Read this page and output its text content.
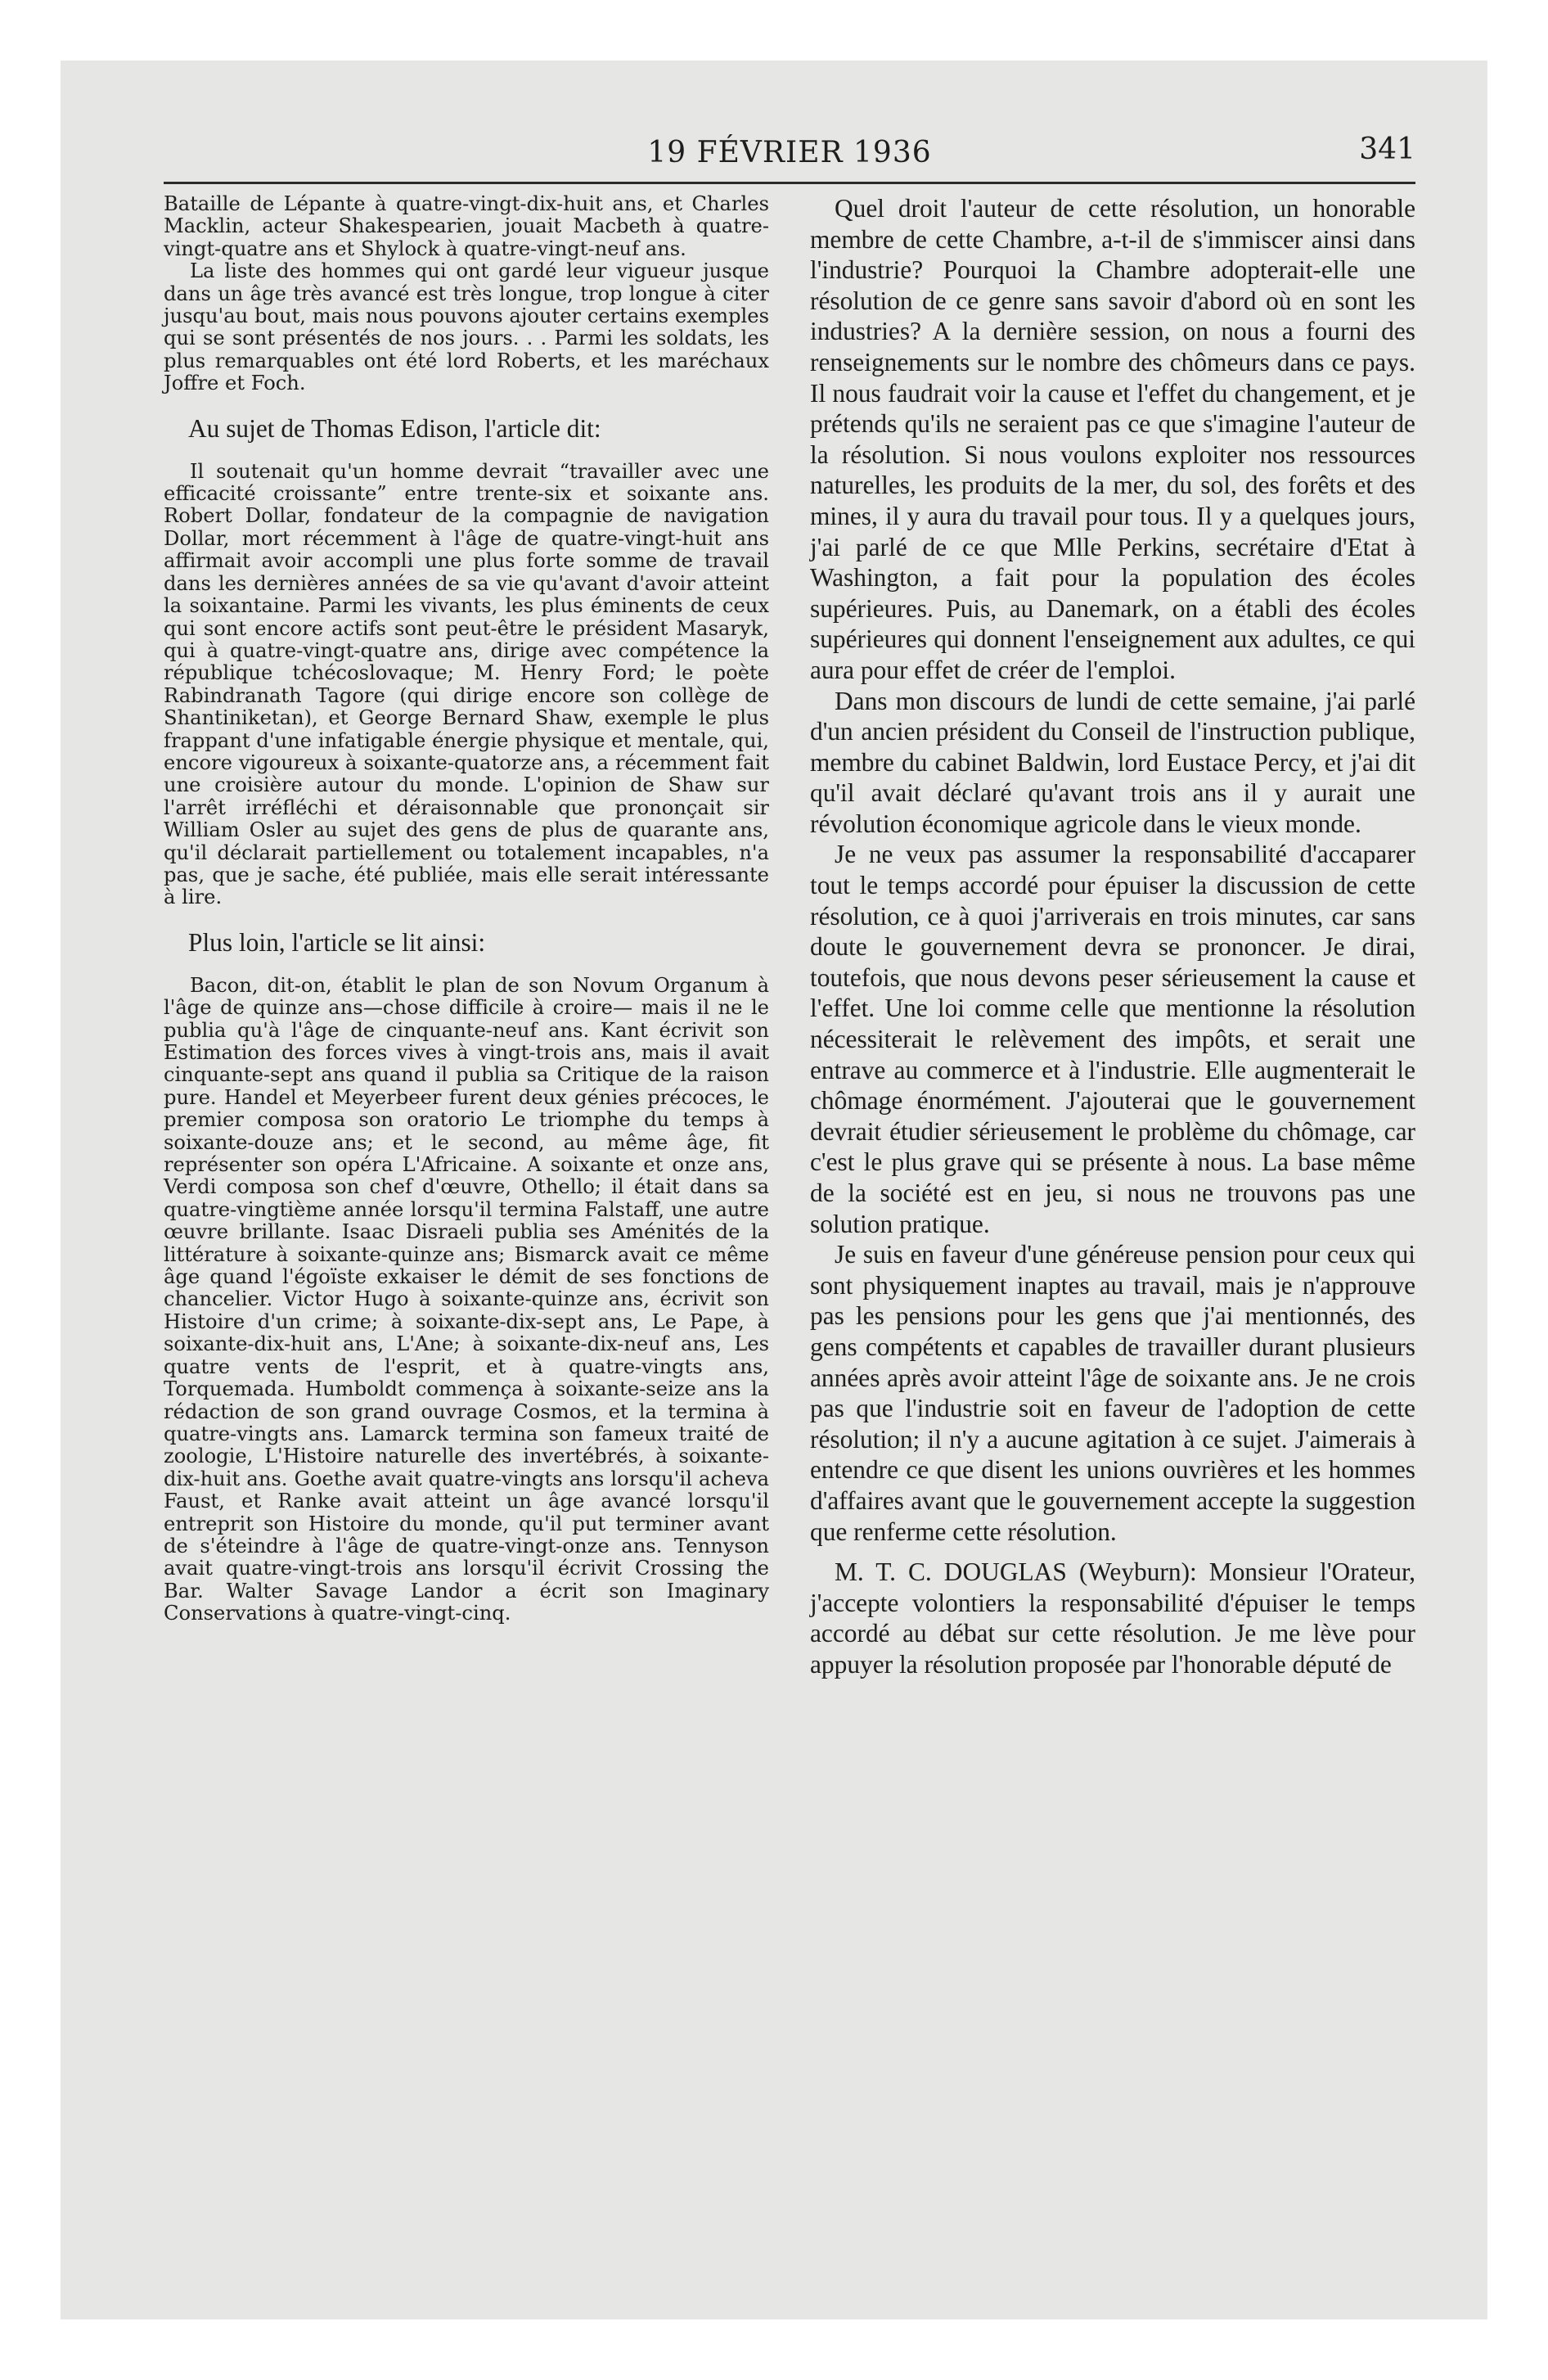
19 FÉVRIER 1936	341

Bataille de Lépante à quatre-vingt-dix-huit ans, et Charles Macklin, acteur Shakespearien, jouait Macbeth à quatre-vingt-quatre ans et Shylock à quatre-vingt-neuf ans.

La liste des hommes qui ont gardé leur vigueur jusque dans un âge très avancé est très longue, trop longue à citer jusqu'au bout, mais nous pouvons ajouter certains exemples qui se sont présentés de nos jours. . . Parmi les soldats, les plus remarquables ont été lord Roberts, et les maréchaux Joffre et Foch.

Au sujet de Thomas Edison, l'article dit:

Il soutenait qu'un homme devrait “travailler avec une efficacité croissante” entre trente-six et soixante ans. Robert Dollar, fondateur de la compagnie de navigation Dollar, mort récemment à l'âge de quatre-vingt-huit ans affirmait avoir accompli une plus forte somme de travail dans les dernières années de sa vie qu'avant d'avoir atteint la soixantaine. Parmi les vivants, les plus éminents de ceux qui sont encore actifs sont peut-être le président Masaryk, qui à quatre-vingt-quatre ans, dirige avec compétence la république tchécoslovaque; M. Henry Ford; le poète Rabindranath Tagore (qui dirige encore son collège de Shantiniketan), et George Bernard Shaw, exemple le plus frappant d'une infatigable énergie physique et mentale, qui, encore vigoureux à soixante-quatorze ans, a récemment fait une croisière autour du monde. L'opinion de Shaw sur l'arrêt irréfléchi et déraisonnable que prononçait sir William Osler au sujet des gens de plus de quarante ans, qu'il déclarait partiellement ou totalement incapables, n'a pas, que je sache, été publiée, mais elle serait intéressante à lire.

Plus loin, l'article se lit ainsi:

Bacon, dit-on, établit le plan de son Novum Organum à l'âge de quinze ans—chose difficile à croire— mais il ne le publia qu'à l'âge de cinquante-neuf ans. Kant écrivit son Estimation des forces vives à vingt-trois ans, mais il avait cinquante-sept ans quand il publia sa Critique de la raison pure. Handel et Meyerbeer furent deux génies précoces, le premier composa son oratorio Le triomphe du temps à soixante-douze ans; et le second, au même âge, fit représenter son opéra L'Africaine. A soixante et onze ans, Verdi composa son chef d'œuvre, Othello; il était dans sa quatre-vingtième année lorsqu'il termina Falstaff, une autre œuvre brillante. Isaac Disraeli publia ses Aménités de la littérature à soixante-quinze ans; Bismarck avait ce même âge quand l'égoïste exkaiser le démit de ses fonctions de chancelier. Victor Hugo à soixante-quinze ans, écrivit son Histoire d'un crime; à soixante-dix-sept ans, Le Pape, à soixante-dix-huit ans, L'Ane; à soixante-dix-neuf ans, Les quatre vents de l'esprit, et à quatre-vingts ans, Torquemada. Humboldt commença à soixante-seize ans la rédaction de son grand ouvrage Cosmos, et la termina à quatre-vingts ans. Lamarck termina son fameux traité de zoologie, L'Histoire naturelle des invertébrés, à soixante-dix-huit ans. Goethe avait quatre-vingts ans lorsqu'il acheva Faust, et Ranke avait atteint un âge avancé lorsqu'il entreprit son Histoire du monde, qu'il put terminer avant de s'éteindre à l'âge de quatre-vingt-onze ans. Tennyson avait quatre-vingt-trois ans lorsqu'il écrivit Crossing the Bar. Walter Savage Landor a écrit son Imaginary Conservations à quatre-vingt-cinq.

Quel droit l'auteur de cette résolution, un honorable membre de cette Chambre, a-t-il de s'immiscer ainsi dans l'industrie? Pourquoi la Chambre adopterait-elle une résolution de ce genre sans savoir d'abord où en sont les industries? A la dernière session, on nous a fourni des renseignements sur le nombre des chômeurs dans ce pays. Il nous faudrait voir la cause et l'effet du changement, et je prétends qu'ils ne seraient pas ce que s'imagine l'auteur de la résolution. Si nous voulons exploiter nos ressources naturelles, les produits de la mer, du sol, des forêts et des mines, il y aura du travail pour tous. Il y a quelques jours, j'ai parlé de ce que Mlle Perkins, secrétaire d'Etat à Washington, a fait pour la population des écoles supérieures. Puis, au Danemark, on a établi des écoles supérieures qui donnent l'enseignement aux adultes, ce qui aura pour effet de créer de l'emploi.

Dans mon discours de lundi de cette semaine, j'ai parlé d'un ancien président du Conseil de l'instruction publique, membre du cabinet Baldwin, lord Eustace Percy, et j'ai dit qu'il avait déclaré qu'avant trois ans il y aurait une révolution économique agricole dans le vieux monde.

Je ne veux pas assumer la responsabilité d'accaparer tout le temps accordé pour épuiser la discussion de cette résolution, ce à quoi j'arriverais en trois minutes, car sans doute le gouvernement devra se prononcer. Je dirai, toutefois, que nous devons peser sérieusement la cause et l'effet. Une loi comme celle que mentionne la résolution nécessiterait le relèvement des impôts, et serait une entrave au commerce et à l'industrie. Elle augmenterait le chômage énormément. J'ajouterai que le gouvernement devrait étudier sérieusement le problème du chômage, car c'est le plus grave qui se présente à nous. La base même de la société est en jeu, si nous ne trouvons pas une solution pratique.

Je suis en faveur d'une généreuse pension pour ceux qui sont physiquement inaptes au travail, mais je n'approuve pas les pensions pour les gens que j'ai mentionnés, des gens compétents et capables de travailler durant plusieurs années après avoir atteint l'âge de soixante ans. Je ne crois pas que l'industrie soit en faveur de l'adoption de cette résolution; il n'y a aucune agitation à ce sujet. J'aimerais à entendre ce que disent les unions ouvrières et les hommes d'affaires avant que le gouvernement accepte la suggestion que renferme cette résolution.

M. T. C. DOUGLAS (Weyburn): Monsieur l'Orateur, j'accepte volontiers la responsabilité d'épuiser le temps accordé au débat sur cette résolution. Je me lève pour appuyer la résolution proposée par l'honorable député de
